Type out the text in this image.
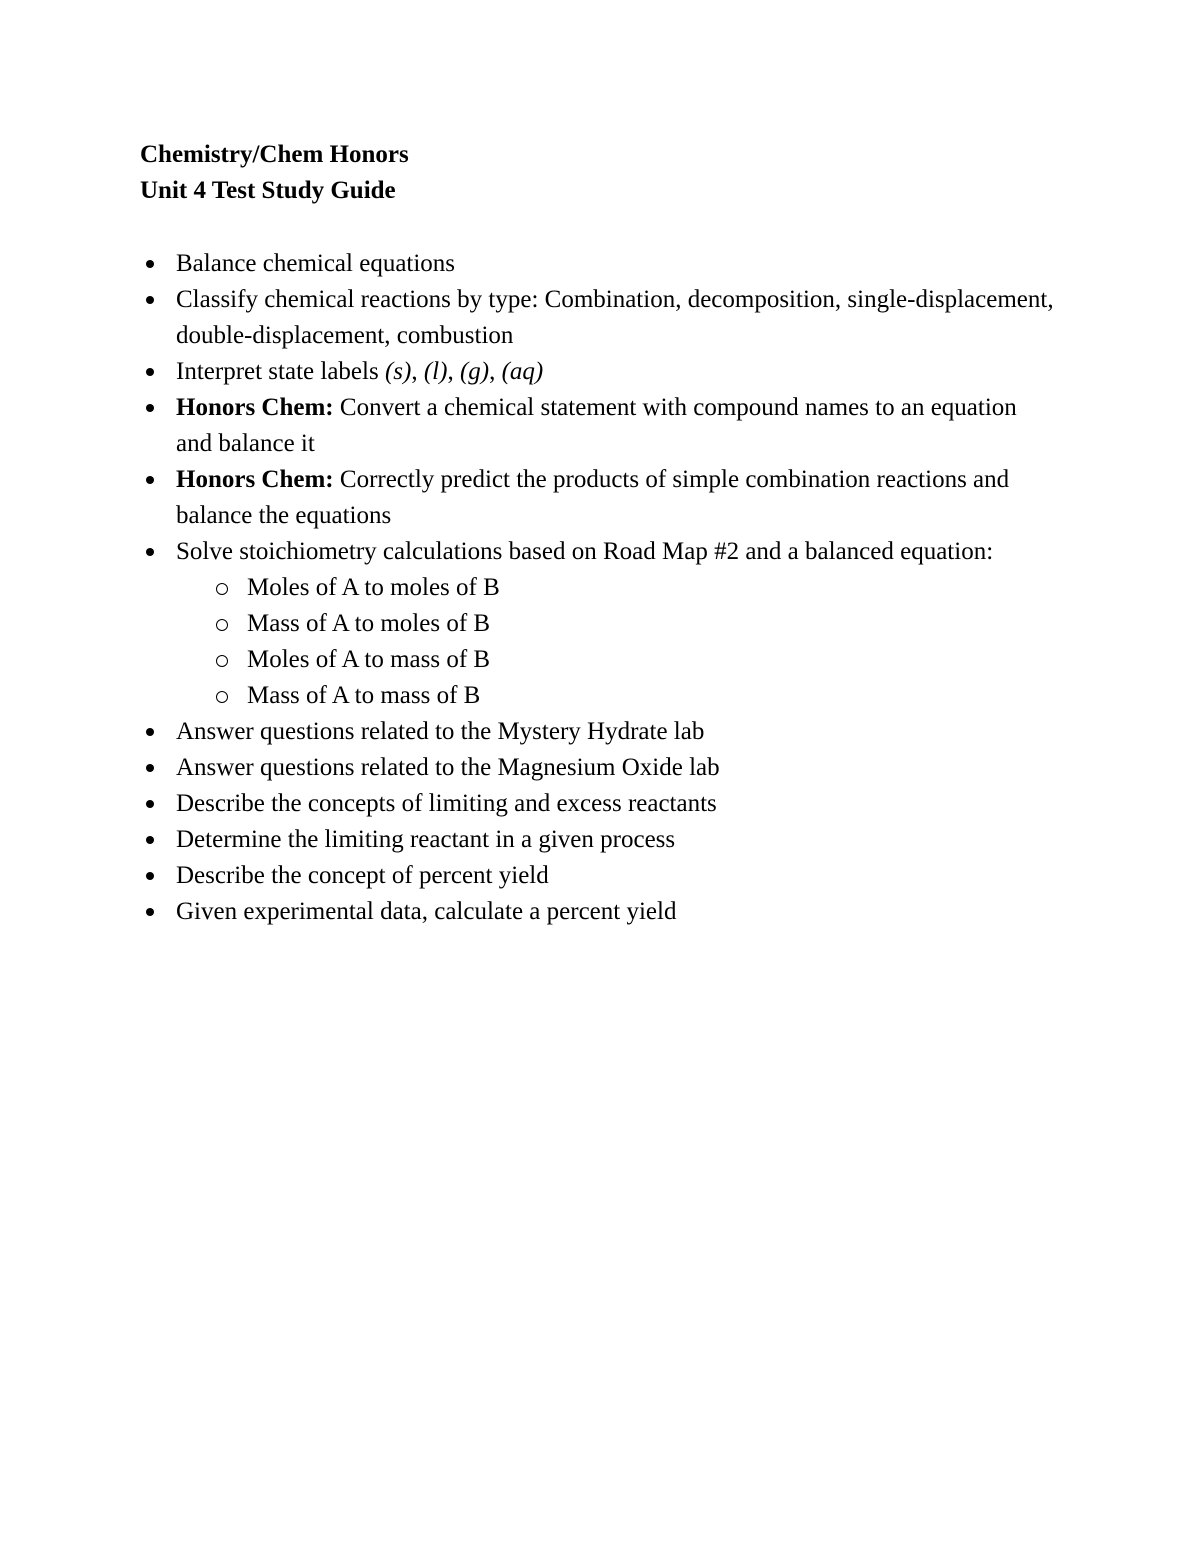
Chemistry/Chem Honors
Unit 4 Test Study Guide
Balance chemical equations
Classify chemical reactions by type: Combination, decomposition, single-displacement, double-displacement, combustion
Interpret state labels (s), (l), (g), (aq)
Honors Chem: Convert a chemical statement with compound names to an equation and balance it
Honors Chem: Correctly predict the products of simple combination reactions and balance the equations
Solve stoichiometry calculations based on Road Map #2 and a balanced equation:
Moles of A to moles of B
Mass of A to moles of B
Moles of A to mass of B
Mass of A to mass of B
Answer questions related to the Mystery Hydrate lab
Answer questions related to the Magnesium Oxide lab
Describe the concepts of limiting and excess reactants
Determine the limiting reactant in a given process
Describe the concept of percent yield
Given experimental data, calculate a percent yield
